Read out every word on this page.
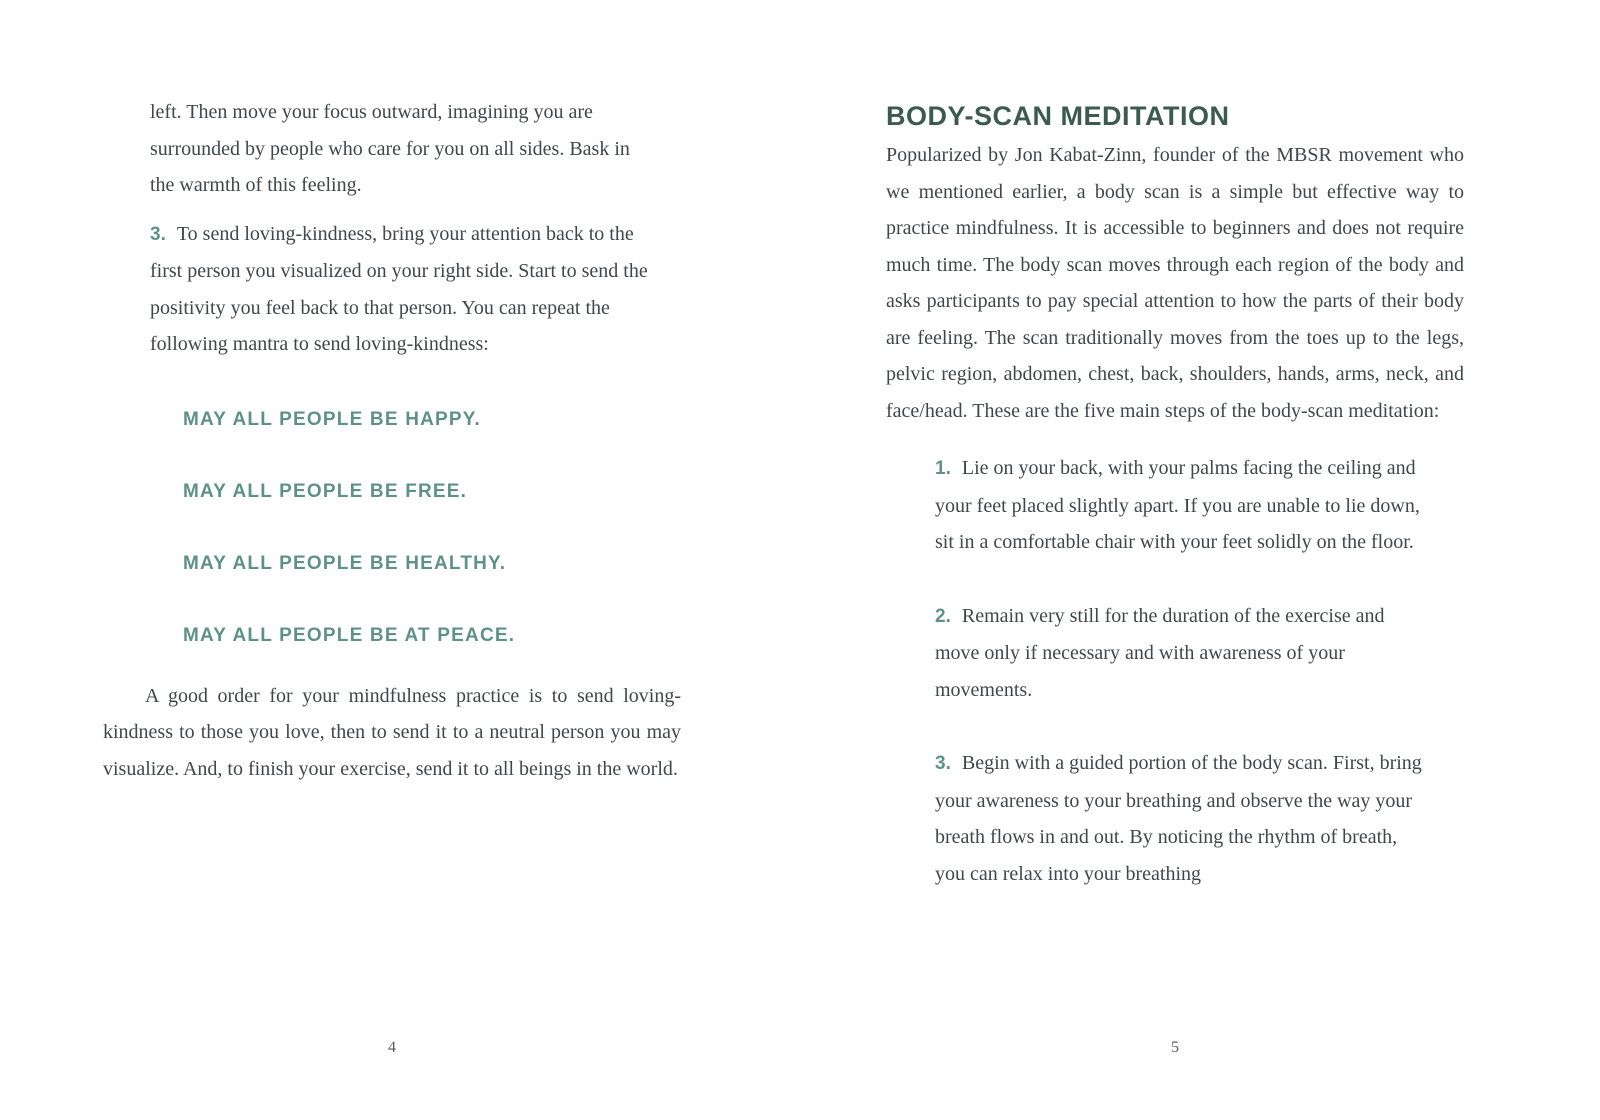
left. Then move your focus outward, imagining you are surrounded by people who care for you on all sides. Bask in the warmth of this feeling.

3. To send loving-kindness, bring your attention back to the first person you visualized on your right side. Start to send the positivity you feel back to that person. You can repeat the following mantra to send loving-kindness:

MAY ALL PEOPLE BE HAPPY.
MAY ALL PEOPLE BE FREE.
MAY ALL PEOPLE BE HEALTHY.
MAY ALL PEOPLE BE AT PEACE.

A good order for your mindfulness practice is to send loving-kindness to those you love, then to send it to a neutral person you may visualize. And, to finish your exercise, send it to all beings in the world.

4
BODY-SCAN MEDITATION

Popularized by Jon Kabat-Zinn, founder of the MBSR movement who we mentioned earlier, a body scan is a simple but effective way to practice mindfulness. It is accessible to beginners and does not require much time. The body scan moves through each region of the body and asks participants to pay special attention to how the parts of their body are feeling. The scan traditionally moves from the toes up to the legs, pelvic region, abdomen, chest, back, shoulders, hands, arms, neck, and face/head. These are the five main steps of the body-scan meditation:

1. Lie on your back, with your palms facing the ceiling and your feet placed slightly apart. If you are unable to lie down, sit in a comfortable chair with your feet solidly on the floor.

2. Remain very still for the duration of the exercise and move only if necessary and with awareness of your movements.

3. Begin with a guided portion of the body scan. First, bring your awareness to your breathing and observe the way your breath flows in and out. By noticing the rhythm of breath, you can relax into your breathing

5
